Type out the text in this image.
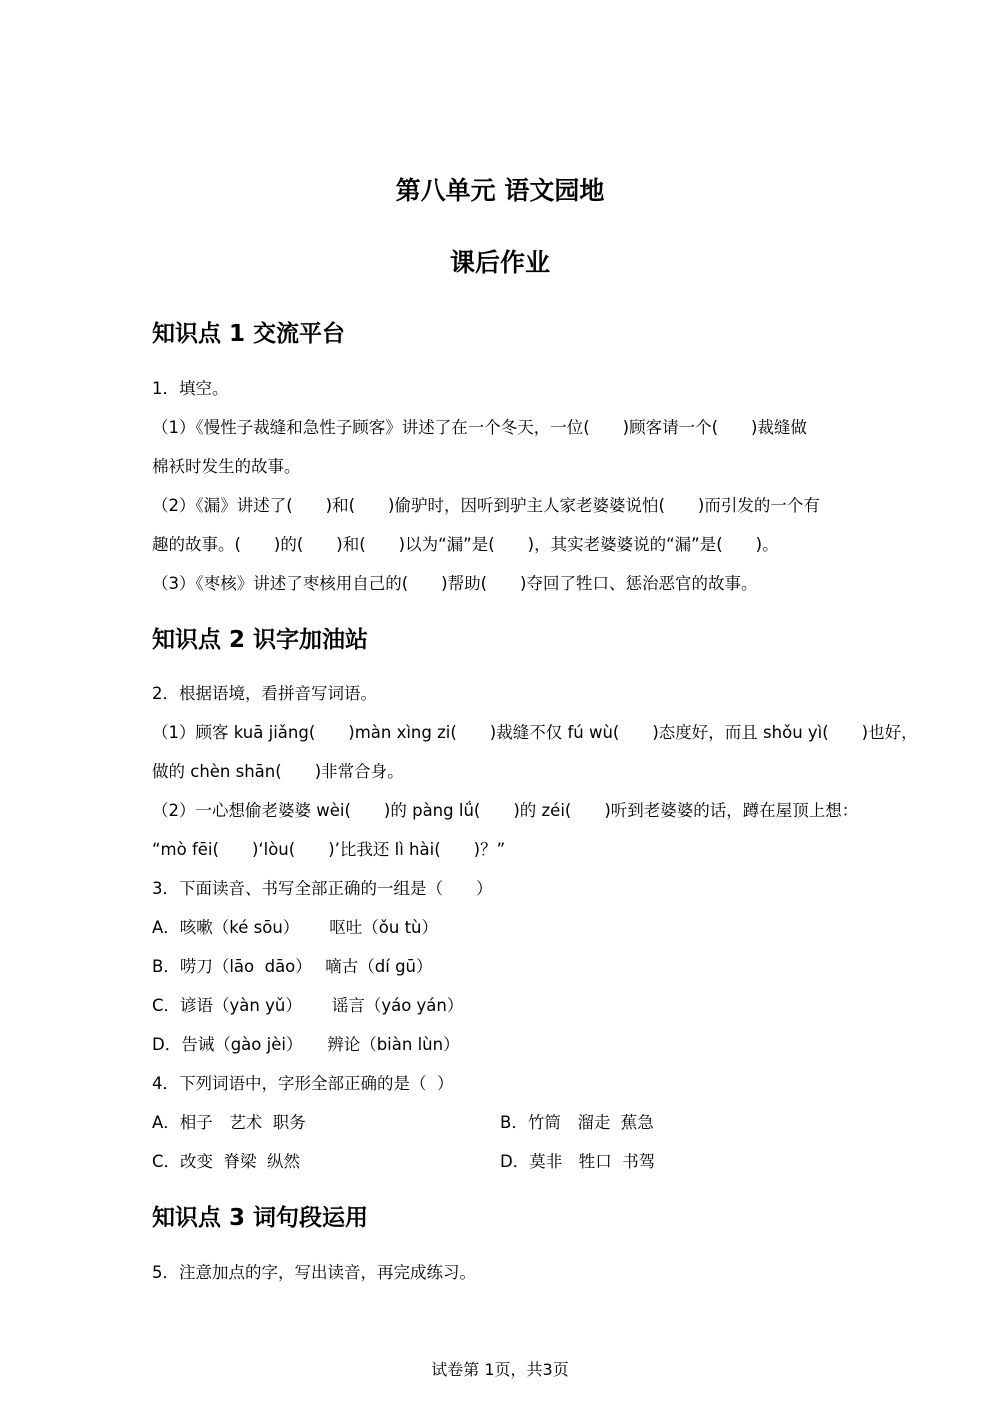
第八单元 语文园地
课后作业
知识点 1 交流平台
1．填空。
（1）《慢性子裁缝和急性子顾客》讲述了在一个冬天，一位(　　)顾客请一个(　　)裁缝做
棉袄时发生的故事。
（2）《漏》讲述了(　　)和(　　)偷驴时，因听到驴主人家老婆婆说怕(　　)而引发的一个有
趣的故事。(　　)的(　　)和(　　)以为“漏”是(　　)，其实老婆婆说的“漏”是(　　)。
（3）《枣核》讲述了枣核用自己的(　　)帮助(　　)夺回了牲口、惩治恶官的故事。
知识点 2 识字加油站
2．根据语境，看拼音写词语。
（1）顾客 kuā jiǎng(　　)màn xìng zi(　　)裁缝不仅 fú wù(　　)态度好，而且 shǒu yì(　　)也好，
做的 chèn shān(　　)非常合身。
（2）一心想偷老婆婆 wèi(　　)的 pàng lǘ(　　)的 zéi(　　)听到老婆婆的话，蹲在屋顶上想：
“mò fēi(　　)‘lòu(　　)’比我还 lì hài(　　)？”
3．下面读音、书写全部正确的一组是（　　）
A．咳嗽（ké sōu）　　 呕吐（ǒu tù）
B．唠刀（lāo  dāo）　 嘀古（dí gū）
C．谚语（yàn yǔ）　　 谣言（yáo yán）
D．告诫（gào jèi）　　辨论（biàn lùn）
4．下列词语中，字形全部正确的是（  ）
A．相子　艺术  职务	B．竹筒　溜走  蕉急
C．改变  脊梁  纵然	D．莫非　牲口  书驾
知识点 3 词句段运用
5．注意加点的字，写出读音，再完成练习。
试卷第 1页，共3页
